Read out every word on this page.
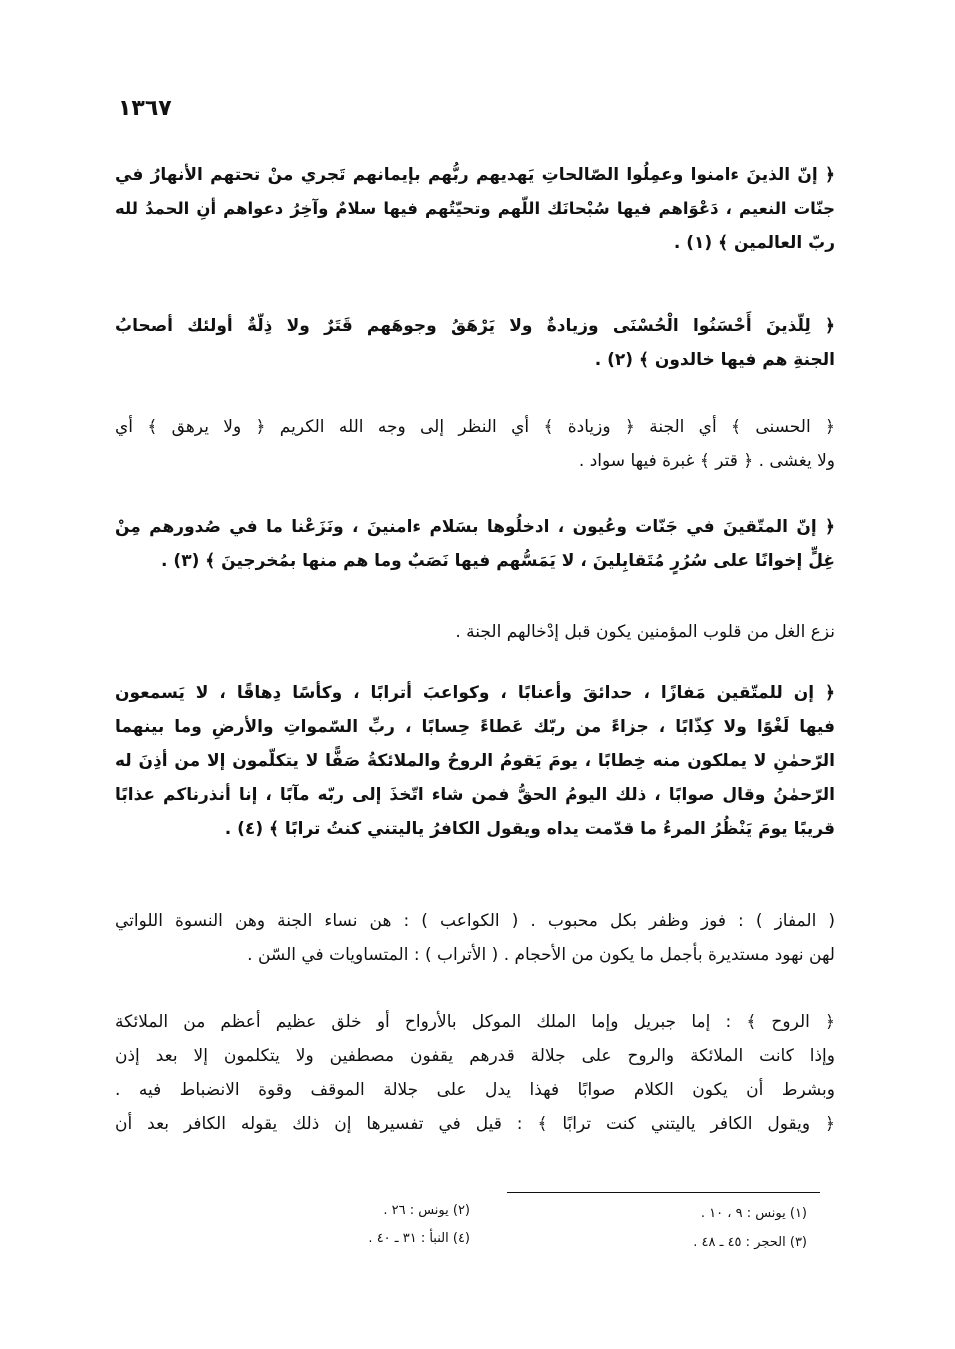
١٣٦٧
﴿ إنّ الذينَ ءامنوا وعمِلُوا الصّالحاتِ يَهديهم ربُّهم بإيمانهم تَجري منْ تحتهم الأنهارُ في
جنّات النعيم ، دَعْوَاهم فيها سُبْحانَك اللّهم وتحيّتُهم فيها سلامٌ وآخِرُ دعواهم أنِ الحمدُ لله
ربّ العالمين ﴾ (١) .
﴿ لِلّذينَ أَحْسَنُوا الْحُسْنَى وزيادةٌ ولا يَرْهَقُ وجوهَهم قَتَرٌ ولا ذِلّةٌ أولئك أصحابُ
الجنةِ هم فيها خالدون ﴾ (٢) .
﴿ الحسنى ﴾ أي الجنة ﴿ وزيادة ﴾ أي النظر إلى وجه الله الكريم ﴿ ولا يرهق ﴾ أي
ولا يغشى . ﴿ قتر ﴾ غبرة فيها سواد .
﴿ إنّ المتّقينَ في جَنّات وعُيون ، ادخلُوها بسَلام ءامنينَ ، ونَزَعْنا ما في صُدورهم مِنْ
غِلٍّ إخوانًا على سُرُرٍ مُتَقابِلينَ ، لا يَمَسُّهم فيها نَصَبٌ وما هم منها بمُخرجينَ ﴾ (٣) .
نزع الغل من قلوب المؤمنين يكون قبل إدْخالهم الجنة .
﴿ إن للمتّقين مَفازًا ، حدائقَ وأعنابًا ، وكواعبَ أترابًا ، وكأسًا دِهاقًا ، لا يَسمعون
فيها لَغْوًا ولا كِذّابًا ، جزاءً من ربّك عَطاءً حِسابًا ، ربِّ السّمواتِ والأرضِ وما بينهما
الرّحمٰنِ لا يملكون منه خِطابًا ، يومَ يَقومُ الروحُ والملائكةُ صَفًّا لا يتكلّمون إلا من أذِنَ له
الرّحمٰنُ وقال صوابًا ، ذلك اليومُ الحقُّ فمن شاء اتّخذَ إلى ربّه مآبًا ، إنا أنذرناكم عذابًا
قريبًا يومَ يَنْظُرُ المرءُ ما قدّمت يداه ويقول الكافرُ ياليتني كنتُ ترابًا ﴾ (٤) .
( المفاز ) : فوز وظفر بكل محبوب . ( الكواعب ) : هن نساء الجنة وهن النسوة اللواتي
لهن نهود مستديرة بأجمل ما يكون من الأحجام . ( الأتراب ) : المتساويات في السّن .
﴿ الروح ﴾ : إما جبريل وإما الملك الموكل بالأرواح أو خلق عظيم أعظم من الملائكة
وإذا كانت الملائكة والروح على جلالة قدرهم يقفون مصطفين ولا يتكلمون إلا بعد إذن
وبشرط أن يكون الكلام صوابًا فهذا يدل على جلالة الموقف وقوة الانضباط فيه .
﴿ ويقول الكافر ياليتني كنت ترابًا ﴾ : قيل في تفسيرها إن ذلك يقوله الكافر بعد أن
(١) يونس : ٩ ، ١٠ .
(٢) يونس : ٢٦ .
(٣) الحجر : ٤٥ ـ ٤٨ .
(٤) النبأ : ٣١ ـ ٤٠ .
